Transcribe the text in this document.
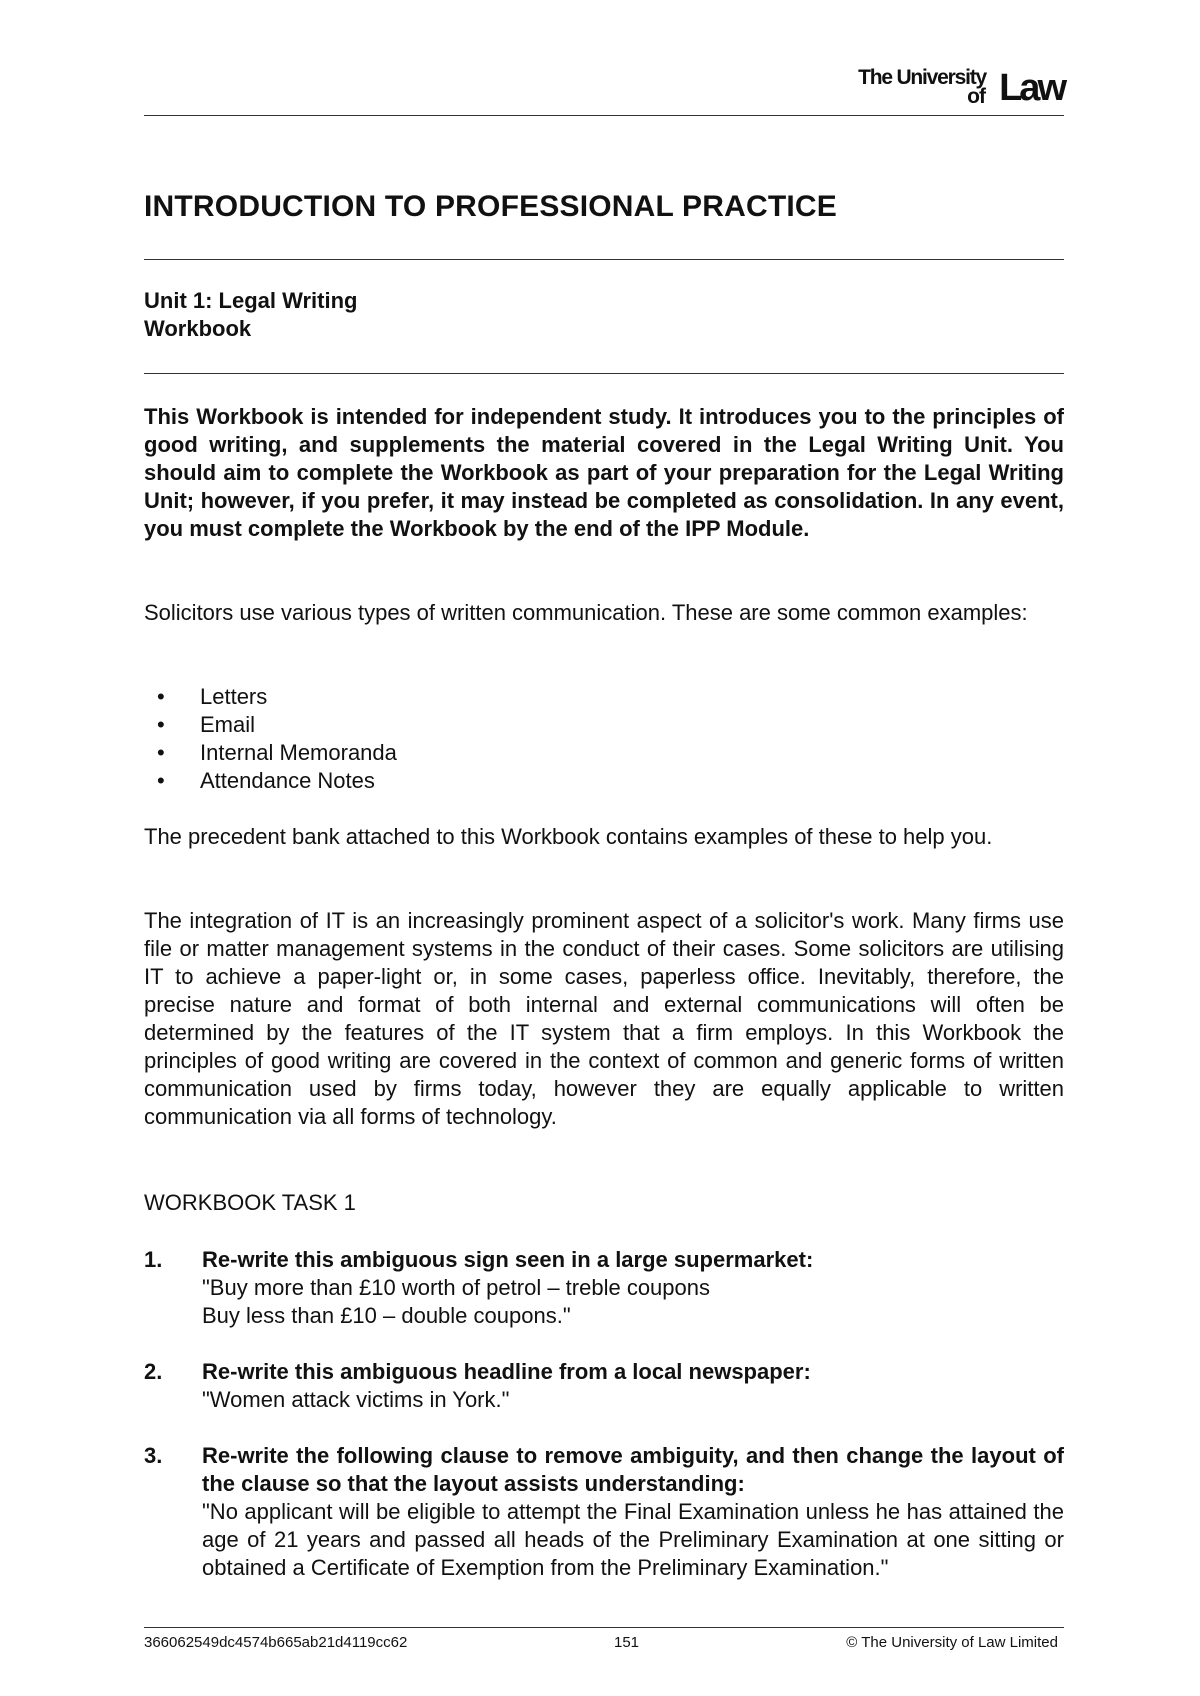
The University
of Law
INTRODUCTION TO PROFESSIONAL PRACTICE
Unit 1: Legal Writing
Workbook
This Workbook is intended for independent study. It introduces you to the principles of good writing, and supplements the material covered in the Legal Writing Unit. You should aim to complete the Workbook as part of your preparation for the Legal Writing Unit; however, if you prefer, it may instead be completed as consolidation. In any event, you must complete the Workbook by the end of the IPP Module.
Solicitors use various types of written communication. These are some common examples:
• Letters
• Email
• Internal Memoranda
• Attendance Notes
The precedent bank attached to this Workbook contains examples of these to help you.
The integration of IT is an increasingly prominent aspect of a solicitor's work. Many firms use file or matter management systems in the conduct of their cases. Some solicitors are utilising IT to achieve a paper-light or, in some cases, paperless office. Inevitably, therefore, the precise nature and format of both internal and external communications will often be determined by the features of the IT system that a firm employs. In this Workbook the principles of good writing are covered in the context of common and generic forms of written communication used by firms today, however they are equally applicable to written communication via all forms of technology.
WORKBOOK TASK 1
1. Re-write this ambiguous sign seen in a large supermarket:
"Buy more than £10 worth of petrol – treble coupons
Buy less than £10 – double coupons."
2. Re-write this ambiguous headline from a local newspaper:
"Women attack victims in York."
3. Re-write the following clause to remove ambiguity, and then change the layout of the clause so that the layout assists understanding:
"No applicant will be eligible to attempt the Final Examination unless he has attained the age of 21 years and passed all heads of the Preliminary Examination at one sitting or obtained a Certificate of Exemption from the Preliminary Examination."
366062549dc4574b665ab21d4119cc62	151	© The University of Law Limited
